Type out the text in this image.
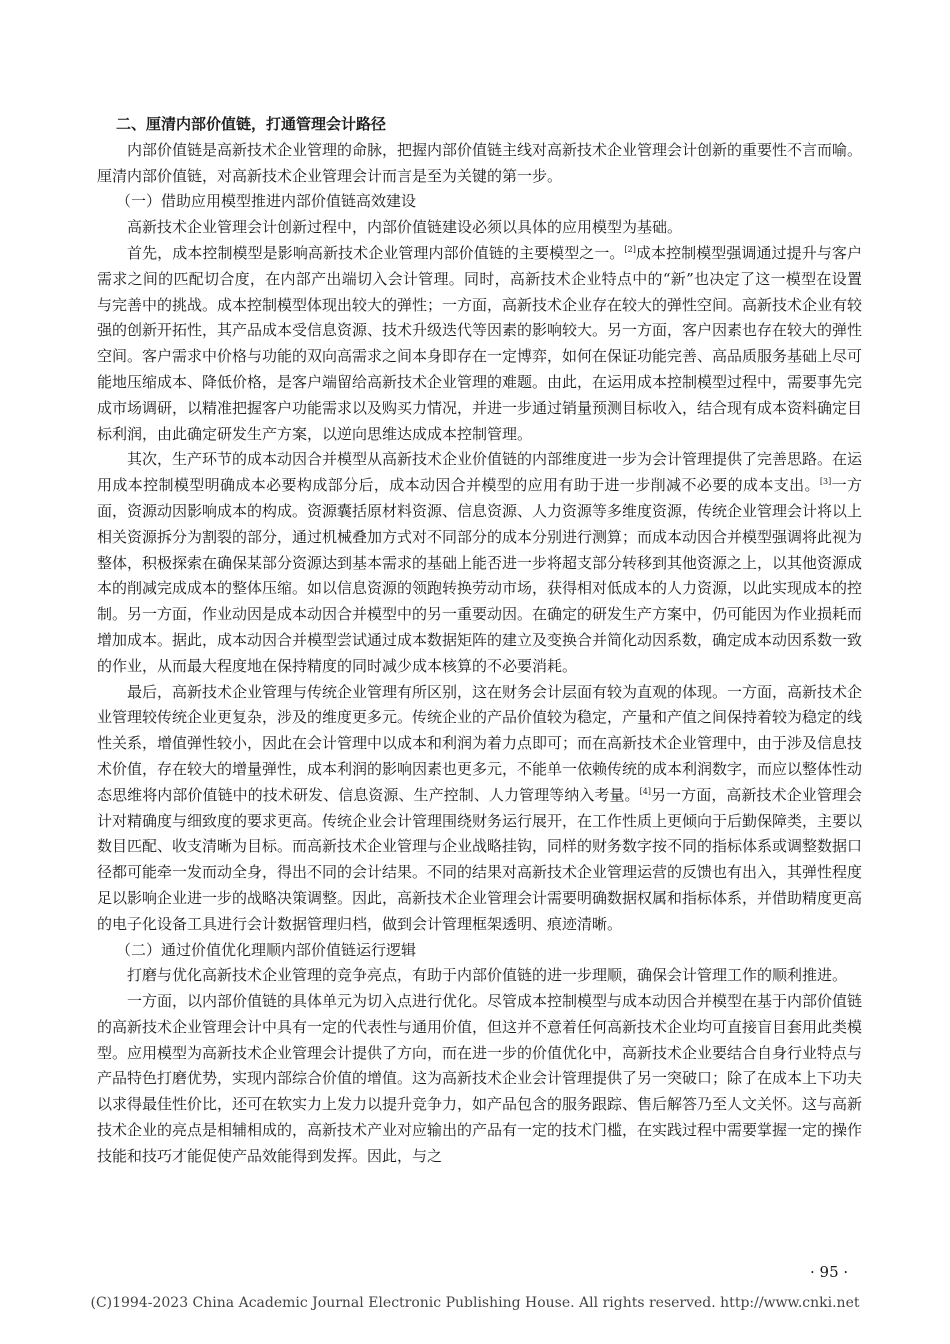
二、厘清内部价值链，打通管理会计路径

内部价值链是高新技术企业管理的命脉，把握内部价值链主线对高新技术企业管理会计创新的重要性不言而喻。厘清内部价值链，对高新技术企业管理会计而言是至为关键的第一步。

（一）借助应用模型推进内部价值链高效建设

高新技术企业管理会计创新过程中，内部价值链建设必须以具体的应用模型为基础。

首先，成本控制模型是影响高新技术企业管理内部价值链的主要模型之一。[2]成本控制模型强调通过提升与客户需求之间的匹配切合度，在内部产出端切入会计管理。同时，高新技术企业特点中的“新”也决定了这一模型在设置与完善中的挑战。成本控制模型体现出较大的弹性；一方面，高新技术企业存在较大的弹性空间。高新技术企业有较强的创新开拓性，其产品成本受信息资源、技术升级迭代等因素的影响较大。另一方面，客户因素也存在较大的弹性空间。客户需求中价格与功能的双向高需求之间本身即存在一定博弈，如何在保证功能完善、高品质服务基础上尽可能地压缩成本、降低价格，是客户端留给高新技术企业管理的难题。由此，在运用成本控制模型过程中，需要事先完成市场调研，以精准把握客户功能需求以及购买力情况，并进一步通过销量预测目标收入，结合现有成本资料确定目标利润，由此确定研发生产方案，以逆向思维达成成本控制管理。

其次，生产环节的成本动因合并模型从高新技术企业价值链的内部维度进一步为会计管理提供了完善思路。在运用成本控制模型明确成本必要构成部分后，成本动因合并模型的应用有助于进一步削减不必要的成本支出。[3]一方面，资源动因影响成本的构成。资源囊括原材料资源、信息资源、人力资源等多维度资源，传统企业管理会计将以上相关资源拆分为割裂的部分，通过机械叠加方式对不同部分的成本分别进行测算；而成本动因合并模型强调将此视为整体，积极探索在确保某部分资源达到基本需求的基础上能否进一步将超支部分转移到其他资源之上，以其他资源成本的削减完成成本的整体压缩。如以信息资源的领跑转换劳动市场，获得相对低成本的人力资源，以此实现成本的控制。另一方面，作业动因是成本动因合并模型中的另一重要动因。在确定的研发生产方案中，仍可能因为作业损耗而增加成本。据此，成本动因合并模型尝试通过成本数据矩阵的建立及变换合并简化动因系数，确定成本动因系数一致的作业，从而最大程度地在保持精度的同时减少成本核算的不必要消耗。

最后，高新技术企业管理与传统企业管理有所区别，这在财务会计层面有较为直观的体现。一方面，高新技术企业管理较传统企业更复杂，涉及的维度更多元。传统企业的产品价值较为稳定，产量和产值之间保持着较为稳定的线性关系，增值弹性较小，因此在会计管理中以成本和利润为着力点即可；而在高新技术企业管理中，由于涉及信息技术价值，存在较大的增量弹性，成本利润的影响因素也更多元，不能单一依赖传统的成本利润数字，而应以整体性动态思维将内部价值链中的技术研发、信息资源、生产控制、人力管理等纳入考量。[4]另一方面，高新技术企业管理会计对精确度与细致度的要求更高。传统企业会计管理围绕财务运行展开，在工作性质上更倾向于后勤保障类，主要以数目匹配、收支清晰为目标。而高新技术企业管理与企业战略挂钩，同样的财务数字按不同的指标体系或调整数据口径都可能牵一发而动全身，得出不同的会计结果。不同的结果对高新技术企业管理运营的反馈也有出入，其弹性程度足以影响企业进一步的战略决策调整。因此，高新技术企业管理会计需要明确数据权属和指标体系，并借助精度更高的电子化设备工具进行会计数据管理归档，做到会计管理框架透明、痕迹清晰。

（二）通过价值优化理顺内部价值链运行逻辑

打磨与优化高新技术企业管理的竞争亮点，有助于内部价值链的进一步理顺，确保会计管理工作的顺利推进。

一方面，以内部价值链的具体单元为切入点进行优化。尽管成本控制模型与成本动因合并模型在基于内部价值链的高新技术企业管理会计中具有一定的代表性与通用价值，但这并不意着任何高新技术企业均可直接盲目套用此类模型。应用模型为高新技术企业管理会计提供了方向，而在进一步的价值优化中，高新技术企业要结合自身行业特点与产品特色打磨优势，实现内部综合价值的增值。这为高新技术企业会计管理提供了另一突破口；除了在成本上下功夫以求得最佳性价比，还可在软实力上发力以提升竞争力，如产品包含的服务跟踪、售后解答乃至人文关怀。这与高新技术企业的亮点是相辅相成的，高新技术产业对应输出的产品有一定的技术门槛，在实践过程中需要掌握一定的操作技能和技巧才能促使产品效能得到发挥。因此，与之

· 95 ·
(C)1994-2023 China Academic Journal Electronic Publishing House. All rights reserved. http://www.cnki.net
